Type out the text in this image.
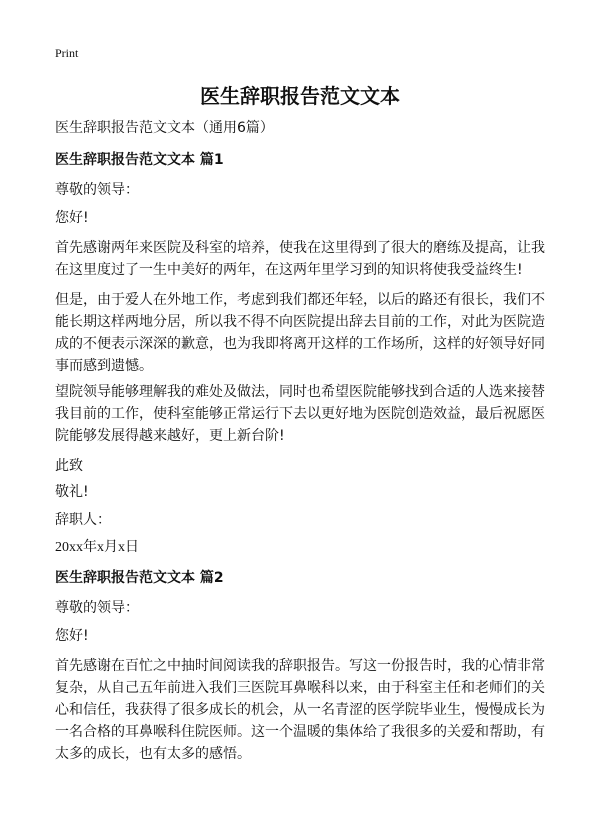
Print
医生辞职报告范文文本

医生辞职报告范文文本（通用6篇）

医生辞职报告范文文本 篇1

尊敬的领导：

您好!

首先感谢两年来医院及科室的培养，使我在这里得到了很大的磨练及提高，让我在这里度过了一生中美好的两年，在这两年里学习到的知识将使我受益终生!

但是，由于爱人在外地工作，考虑到我们都还年轻，以后的路还有很长，我们不能长期这样两地分居，所以我不得不向医院提出辞去目前的工作，对此为医院造成的不便表示深深的歉意，也为我即将离开这样的工作场所，这样的好领导好同事而感到遗憾。

望院领导能够理解我的难处及做法，同时也希望医院能够找到合适的人选来接替我目前的工作，使科室能够正常运行下去以更好地为医院创造效益，最后祝愿医院能够发展得越来越好，更上新台阶!

此致

敬礼!

辞职人：

20xx年x月x日

医生辞职报告范文文本 篇2

尊敬的领导：

您好!

首先感谢在百忙之中抽时间阅读我的辞职报告。写这一份报告时，我的心情非常复杂，从自己五年前进入我们三医院耳鼻喉科以来，由于科室主任和老师们的关心和信任，我获得了很多成长的机会，从一名青涩的医学院毕业生，慢慢成长为一名合格的耳鼻喉科住院医师。这一个温暖的集体给了我很多的关爱和帮助，有太多的成长，也有太多的感悟。
